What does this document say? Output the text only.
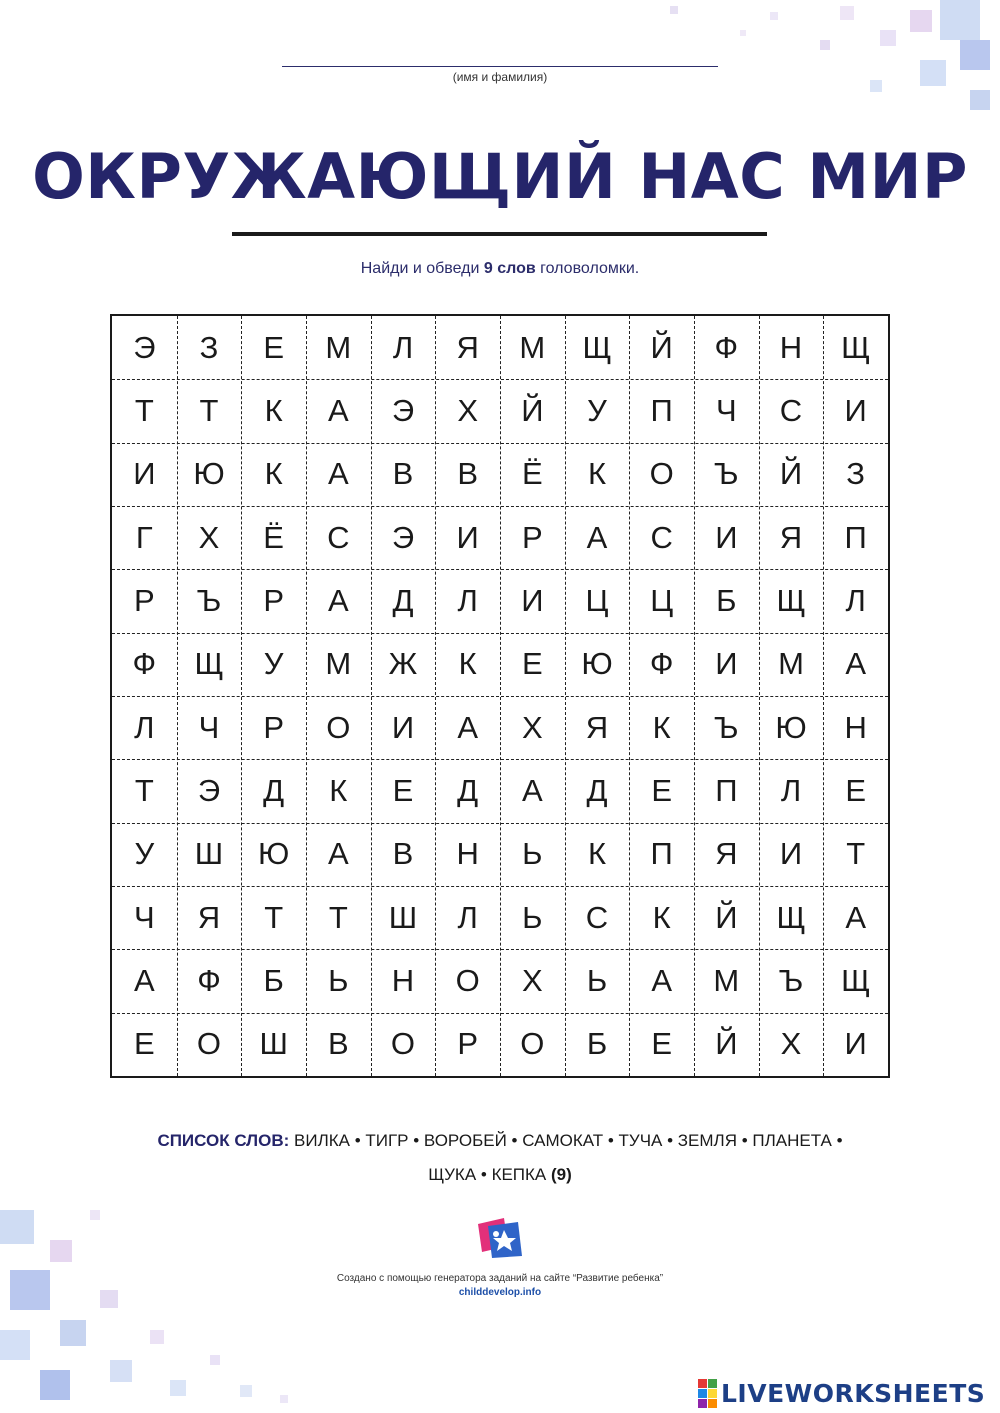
(имя и фамилия)
ОКРУЖАЮЩИЙ НАС МИР
Найди и обведи 9 слов головоломки.
Э	З	Е	М	Л	Я	М	Щ	Й	Ф	Н	Щ
Т	Т	К	А	Э	Х	Й	У	П	Ч	С	И
И	Ю	К	А	В	В	Ё	К	О	Ъ	Й	З
Г	Х	Ё	С	Э	И	Р	А	С	И	Я	П
Р	Ъ	Р	А	Д	Л	И	Ц	Ц	Б	Щ	Л
Ф	Щ	У	М	Ж	К	Е	Ю	Ф	И	М	А
Л	Ч	Р	О	И	А	Х	Я	К	Ъ	Ю	Н
Т	Э	Д	К	Е	Д	А	Д	Е	П	Л	Е
У	Ш	Ю	А	В	Н	Ь	К	П	Я	И	Т
Ч	Я	Т	Т	Ш	Л	Ь	С	К	Й	Щ	А
А	Ф	Б	Ь	Н	О	Х	Ь	А	М	Ъ	Щ
Е	О	Ш	В	О	Р	О	Б	Е	Й	Х	И
СПИСОК СЛОВ: ВИЛКА • ТИГР • ВОРОБЕЙ • САМОКАТ • ТУЧА • ЗЕМЛЯ • ПЛАНЕТА •
ЩУКА • КЕПКА (9)
Создано с помощью генератора заданий на сайте “Развитие ребенка”
childdevelop.info
LIVEWORKSHEETS
